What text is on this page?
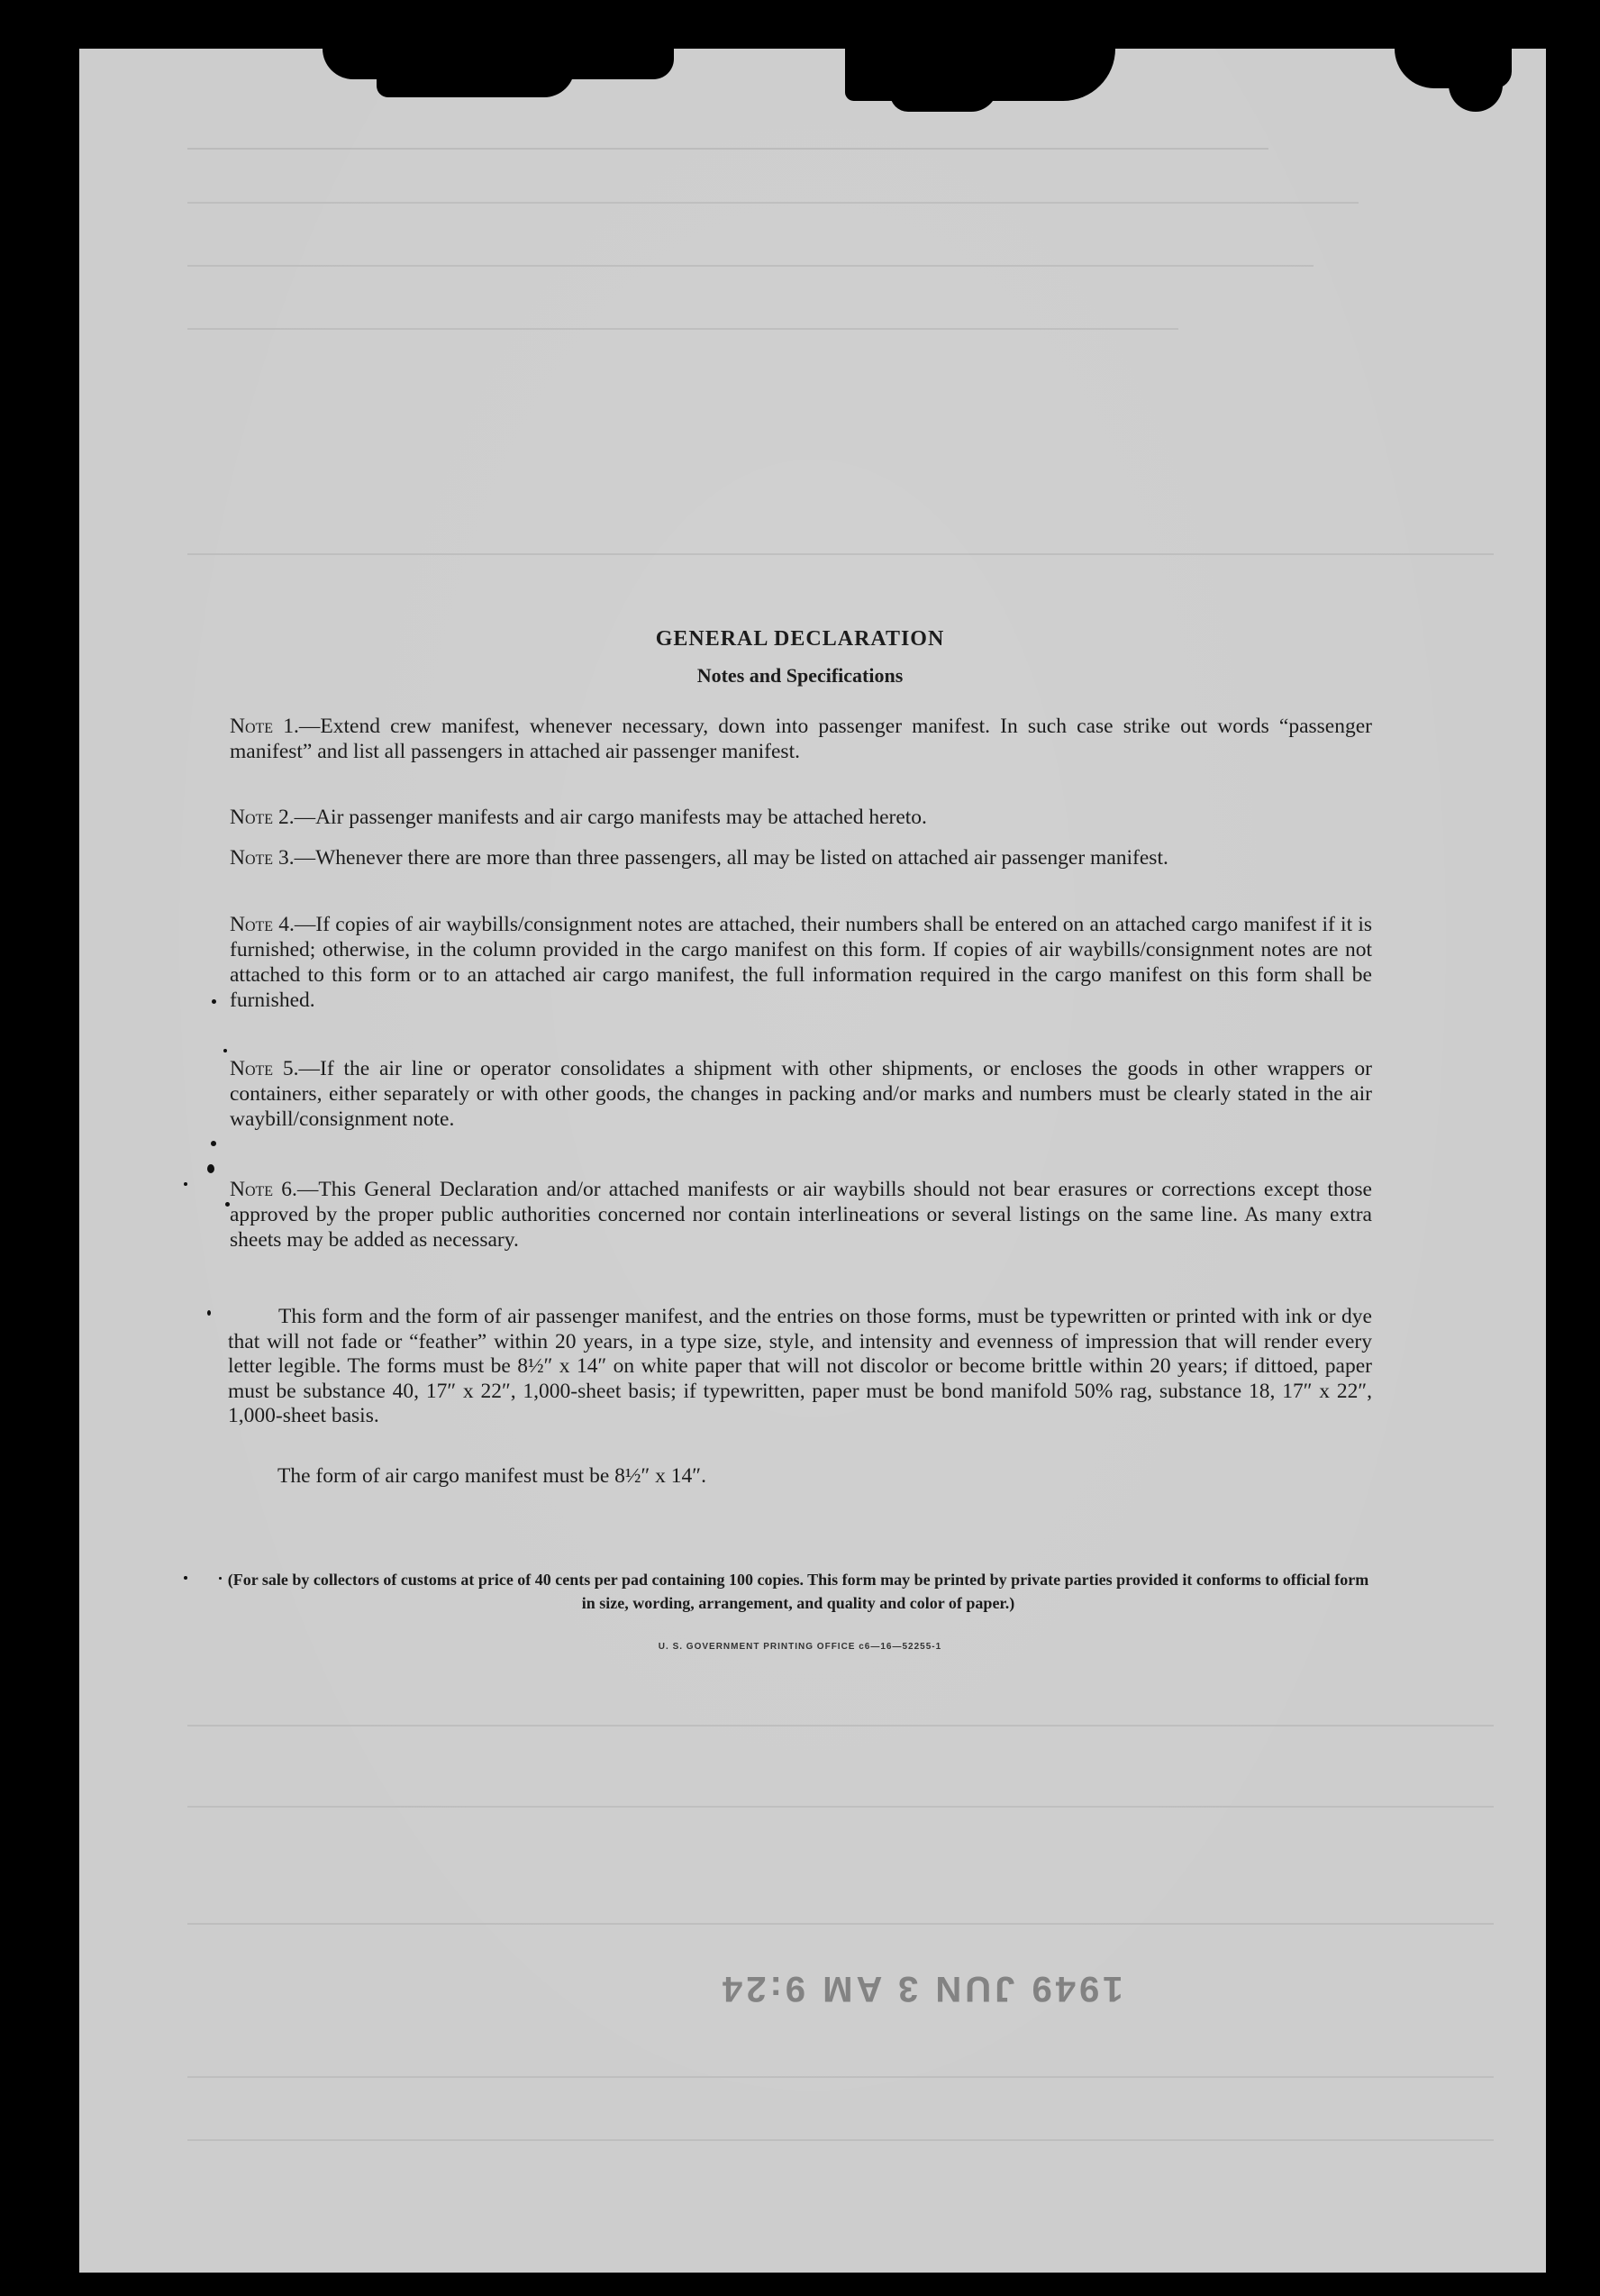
1949 JUN 3 AM 9:24
GENERAL DECLARATION
Notes and Specifications
Note 1.—Extend crew manifest, whenever necessary, down into passenger manifest. In such case strike out words “passenger manifest” and list all passengers in attached air passenger manifest.
Note 2.—Air passenger manifests and air cargo manifests may be attached hereto.
Note 3.—Whenever there are more than three passengers, all may be listed on attached air passenger manifest.
Note 4.—If copies of air waybills/consignment notes are attached, their numbers shall be entered on an attached cargo manifest if it is furnished; otherwise, in the column provided in the cargo manifest on this form. If copies of air waybills/consignment notes are not attached to this form or to an attached air cargo manifest, the full information required in the cargo manifest on this form shall be furnished.
Note 5.—If the air line or operator consolidates a shipment with other shipments, or encloses the goods in other wrappers or containers, either separately or with other goods, the changes in packing and/or marks and numbers must be clearly stated in the air waybill/consignment note.
Note 6.—This General Declaration and/or attached manifests or air waybills should not bear erasures or corrections except those approved by the proper public authorities concerned nor contain interlineations or several listings on the same line. As many extra sheets may be added as necessary.
This form and the form of air passenger manifest, and the entries on those forms, must be typewritten or printed with ink or dye that will not fade or “feather” within 20 years, in a type size, style, and intensity and evenness of impression that will render every letter legible. The forms must be 8½″ x 14″ on white paper that will not discolor or become brittle within 20 years; if dittoed, paper must be substance 40, 17″ x 22″, 1,000-sheet basis; if typewritten, paper must be bond manifold 50% rag, substance 18, 17″ x 22″, 1,000-sheet basis.
The form of air cargo manifest must be 8½″ x 14″.
(For sale by collectors of customs at price of 40 cents per pad containing 100 copies. This form may be printed by private parties provided it conforms to official form in size, wording, arrangement, and quality and color of paper.)
U. S. GOVERNMENT PRINTING OFFICE c6—16—52255-1
